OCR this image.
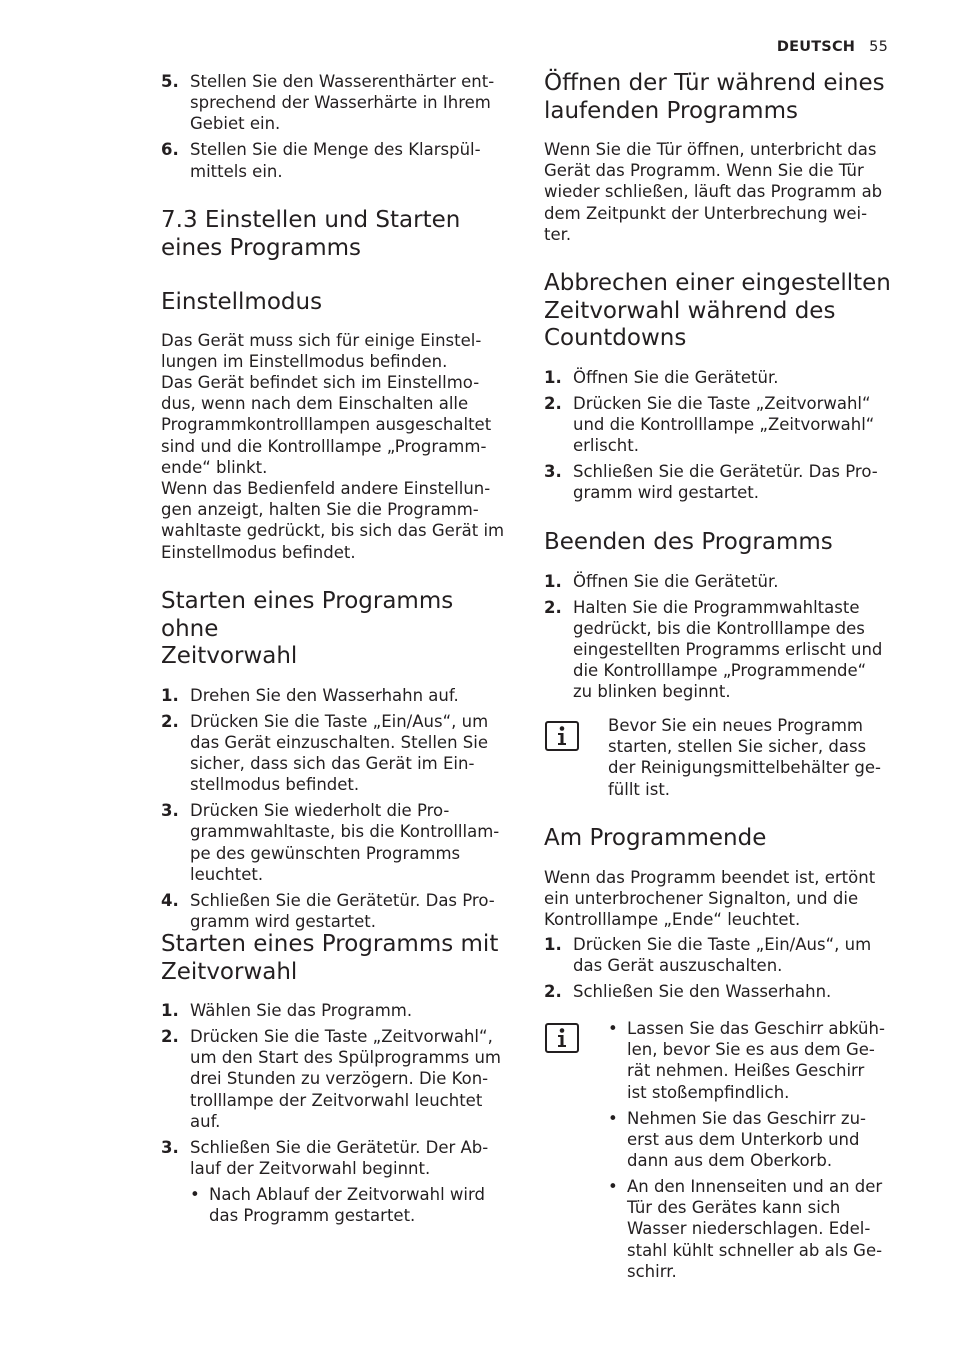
DEUTSCH 55
5. Stellen Sie den Wasserenthärter ent-
sprechend der Wasserhärte in Ihrem
Gebiet ein.
6. Stellen Sie die Menge des Klarspül-
mittels ein.
7.3 Einstellen und Starten
eines Programms
Einstellmodus

Das Gerät muss sich für einige Einstel-
lungen im Einstellmodus befinden.
Das Gerät befindet sich im Einstellmo-
dus, wenn nach dem Einschalten alle
Programmkontrolllampen ausgeschaltet
sind und die Kontrolllampe „Programm-
ende“ blinkt.
Wenn das Bedienfeld andere Einstellun-
gen anzeigt, halten Sie die Programm-
wahltaste gedrückt, bis sich das Gerät im
Einstellmodus befindet.

Starten eines Programms ohne
Zeitvorwahl
1. Drehen Sie den Wasserhahn auf.
2. Drücken Sie die Taste „Ein/Aus“, um
das Gerät einzuschalten. Stellen Sie
sicher, dass sich das Gerät im Ein-
stellmodus befindet.
3. Drücken Sie wiederholt die Pro-
grammwahltaste, bis die Kontrolllam-
pe des gewünschten Programms
leuchtet.
4. Schließen Sie die Gerätetür. Das Pro-
gramm wird gestartet.
Starten eines Programms mit
Zeitvorwahl
1. Wählen Sie das Programm.
2. Drücken Sie die Taste „Zeitvorwahl“,
um den Start des Spülprogramms um
drei Stunden zu verzögern. Die Kon-
trolllampe der Zeitvorwahl leuchtet
auf.
3. Schließen Sie die Gerätetür. Der Ab-
lauf der Zeitvorwahl beginnt.
• Nach Ablauf der Zeitvorwahl wird
das Programm gestartet.
Öffnen der Tür während eines
laufenden Programms

Wenn Sie die Tür öffnen, unterbricht das
Gerät das Programm. Wenn Sie die Tür
wieder schließen, läuft das Programm ab
dem Zeitpunkt der Unterbrechung wei-
ter.

Abbrechen einer eingestellten
Zeitvorwahl während des
Countdowns
1. Öffnen Sie die Gerätetür.
2. Drücken Sie die Taste „Zeitvorwahl“
und die Kontrolllampe „Zeitvorwahl“
erlischt.
3. Schließen Sie die Gerätetür. Das Pro-
gramm wird gestartet.
Beenden des Programms
1. Öffnen Sie die Gerätetür.
2. Halten Sie die Programmwahltaste
gedrückt, bis die Kontrolllampe des
eingestellten Programms erlischt und
die Kontrolllampe „Programmende“
zu blinken beginnt.

Bevor Sie ein neues Programm
starten, stellen Sie sicher, dass
der Reinigungsmittelbehälter ge-
füllt ist.

Am Programmende

Wenn das Programm beendet ist, ertönt
ein unterbrochener Signalton, und die
Kontrolllampe „Ende“ leuchtet.

1. Drücken Sie die Taste „Ein/Aus“, um
das Gerät auszuschalten.
2. Schließen Sie den Wasserhahn.
• Lassen Sie das Geschirr abküh-
len, bevor Sie es aus dem Ge-
rät nehmen. Heißes Geschirr
ist stoßempfindlich.
• Nehmen Sie das Geschirr zu-
erst aus dem Unterkorb und
dann aus dem Oberkorb.
• An den Innenseiten und an der
Tür des Gerätes kann sich
Wasser niederschlagen. Edel-
stahl kühlt schneller ab als Ge-
schirr.
